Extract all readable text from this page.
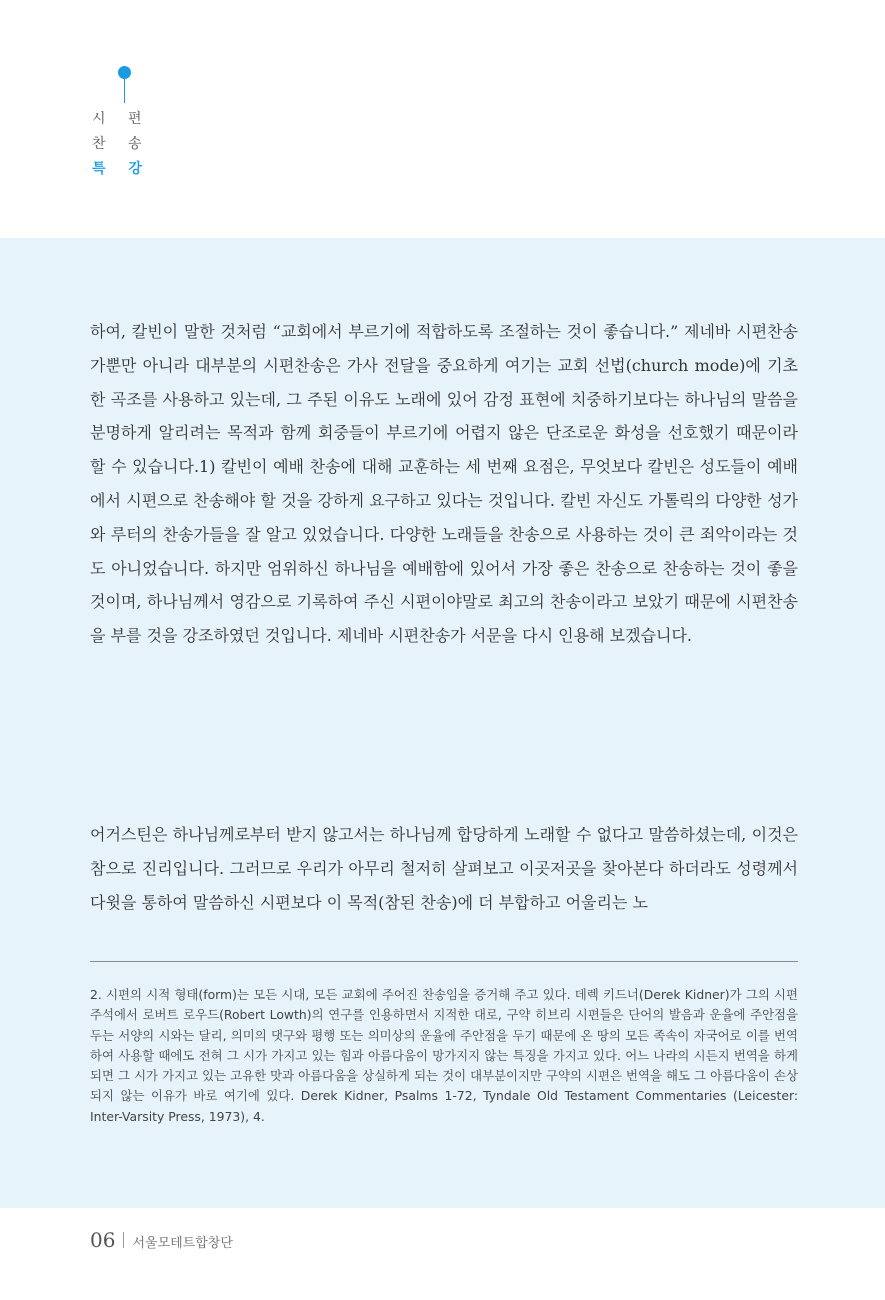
시 편
찬 송
특 강

하여, 칼빈이 말한 것처럼 “교회에서 부르기에 적합하도록 조절하는 것이 좋습니다.” 제네바 시편찬송가뿐만 아니라 대부분의 시편찬송은 가사 전달을 중요하게 여기는 교회 선법(church mode)에 기초한 곡조를 사용하고 있는데, 그 주된 이유도 노래에 있어 감정 표현에 치중하기보다는 하나님의 말씀을 분명하게 알리려는 목적과 함께 회중들이 부르기에 어렵지 않은 단조로운 화성을 선호했기 때문이라 할 수 있습니다.1) 칼빈이 예배 찬송에 대해 교훈하는 세 번째 요점은, 무엇보다 칼빈은 성도들이 예배에서 시편으로 찬송해야 할 것을 강하게 요구하고 있다는 것입니다. 칼빈 자신도 가톨릭의 다양한 성가와 루터의 찬송가들을 잘 알고 있었습니다. 다양한 노래들을 찬송으로 사용하는 것이 큰 죄악이라는 것도 아니었습니다. 하지만 엄위하신 하나님을 예배함에 있어서 가장 좋은 찬송으로 찬송하는 것이 좋을 것이며, 하나님께서 영감으로 기록하여 주신 시편이야말로 최고의 찬송이라고 보았기 때문에 시편찬송을 부를 것을 강조하였던 것입니다. 제네바 시편찬송가 서문을 다시 인용해 보겠습니다.

어거스틴은 하나님께로부터 받지 않고서는 하나님께 합당하게 노래할 수 없다고 말씀하셨는데, 이것은 참으로 진리입니다. 그러므로 우리가 아무리 철저히 살펴보고 이곳저곳을 찾아본다 하더라도 성령께서 다윗을 통하여 말씀하신 시편보다 이 목적(참된 찬송)에 더 부합하고 어울리는 노

2. 시편의 시적 형태(form)는 모든 시대, 모든 교회에 주어진 찬송임을 증거해 주고 있다. 데렉 키드너(Derek Kidner)가 그의 시편 주석에서 로버트 로우드(Robert Lowth)의 연구를 인용하면서 지적한 대로, 구약 히브리 시편들은 단어의 발음과 운율에 주안점을 두는 서양의 시와는 달리, 의미의 댓구와 평행 또는 의미상의 운율에 주안점을 두기 때문에 온 땅의 모든 족속이 자국어로 이를 번역하여 사용할 때에도 전혀 그 시가 가지고 있는 힘과 아름다움이 망가지지 않는 특징을 가지고 있다. 어느 나라의 시든지 번역을 하게 되면 그 시가 가지고 있는 고유한 맛과 아름다움을 상실하게 되는 것이 대부분이지만 구약의 시편은 번역을 해도 그 아름다움이 손상되지 않는 이유가 바로 여기에 있다. Derek Kidner, Psalms 1-72, Tyndale Old Testament Commentaries (Leicester: Inter-Varsity Press, 1973), 4.

06 서울모테트합창단
